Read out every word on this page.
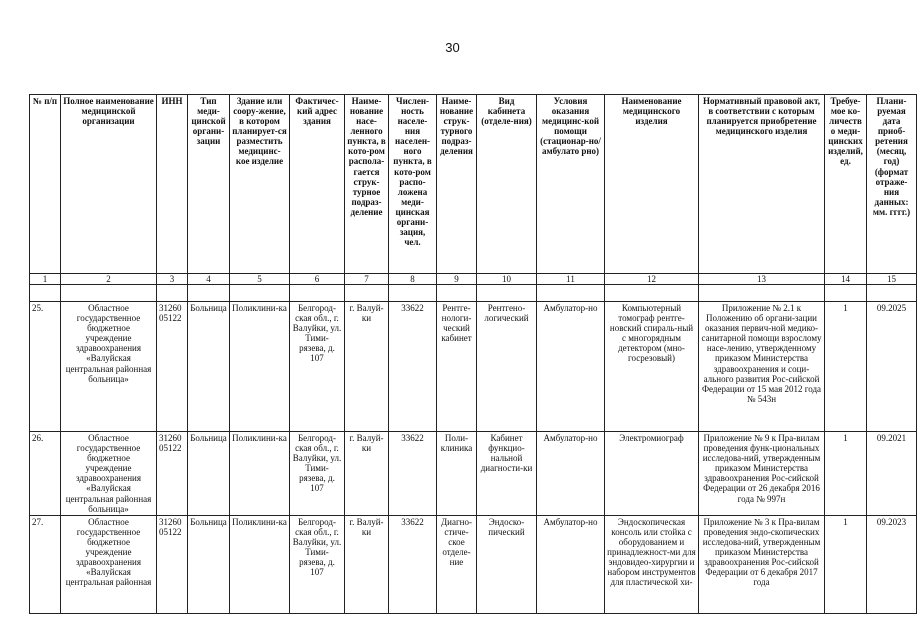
30
№ п/п	Полное наименование медицинской организации	ИНН	Тип меди-цинской органи-зации	Здание или соору-жение, в котором планирует-ся разместить медицинс-кое изделие	Фактичес-кий адрес здания	Наиме-нование насе-ленного пункта, в кото-ром распола-гается струк-турное подраз-деление	Числен-ность населе-ния населен-ного пункта, в кото-ром распо-ложена меди-цинская органи-зация, чел.	Наиме-нование струк-турного подраз-деления	Вид кабинета (отделе-ния)	Условия оказания медицинс-кой помощи (стационар-но/амбулато рно)	Наименование медицинского изделия	Нормативный правовой акт, в соответствии с которым планируется приобретение медицинского изделия	Требуе-мое ко-личество меди-цинских изделий, ед.	Плани-руемая дата приоб-ретения (месяц, год) (формат отраже-ния данных: мм. гггг.)
1	2	3	4	5	6	7	8	9	10	11	12	13	14	15

25.	Областное государственное бюджетное учреждение здравоохранения «Валуйская центральная районная больница»	31260 05122	Больница	Поликлини-ка	Белгород-ская обл., г. Валуйки, ул. Тими-рязева, д. 107	г. Валуй-ки	33622	Рентге-нологи-ческий кабинет	Рентгено-логический	Амбулатор-но	Компьютерный томограф рентге-новский спираль-ный с многорядным детектором (мно-госрезовый)	Приложение № 2.1 к Положению об органи-зации оказания первич-ной медико-санитарной помощи взрослому насе-лению, утвержденному приказом Министерства здравоохранения и соци-ального развития Рос-сийской Федерации от 15 мая 2012 года № 543н	1	09.2025
26.	Областное государственное бюджетное учреждение здравоохранения «Валуйская центральная районная больница»	31260 05122	Больница	Поликлини-ка	Белгород-ская обл., г. Валуйки, ул. Тими-рязева, д. 107	г. Валуй-ки	33622	Поли-клиника	Кабинет функцио-нальной диагности-ки	Амбулатор-но	Электромиограф	Приложение № 9 к Пра-вилам проведения функ-циональных исследова-ний, утвержденным приказом Министерства здравоохранения Рос-сийской Федерации от 26 декабря 2016 года № 997н	1	09.2021
27.	Областное государственное бюджетное учреждение здравоохранения «Валуйская центральная районная	31260 05122	Больница	Поликлини-ка	Белгород-ская обл., г. Валуйки, ул. Тими-рязева, д. 107	г. Валуй-ки	33622	Диагно-стиче-ское отделе-ние	Эндоско-пический	Амбулатор-но	Эндоскопическая консоль или стойка с оборудованием и принадлежност-ми для эндовидео-хирургии и набором инструментов для пластической хи-	Приложение № 3 к Пра-вилам проведения эндо-скопических исследова-ний, утвержденным приказом Министерства здравоохранения Рос-сийской Федерации от 6 декабря 2017 года	1	09.2023
